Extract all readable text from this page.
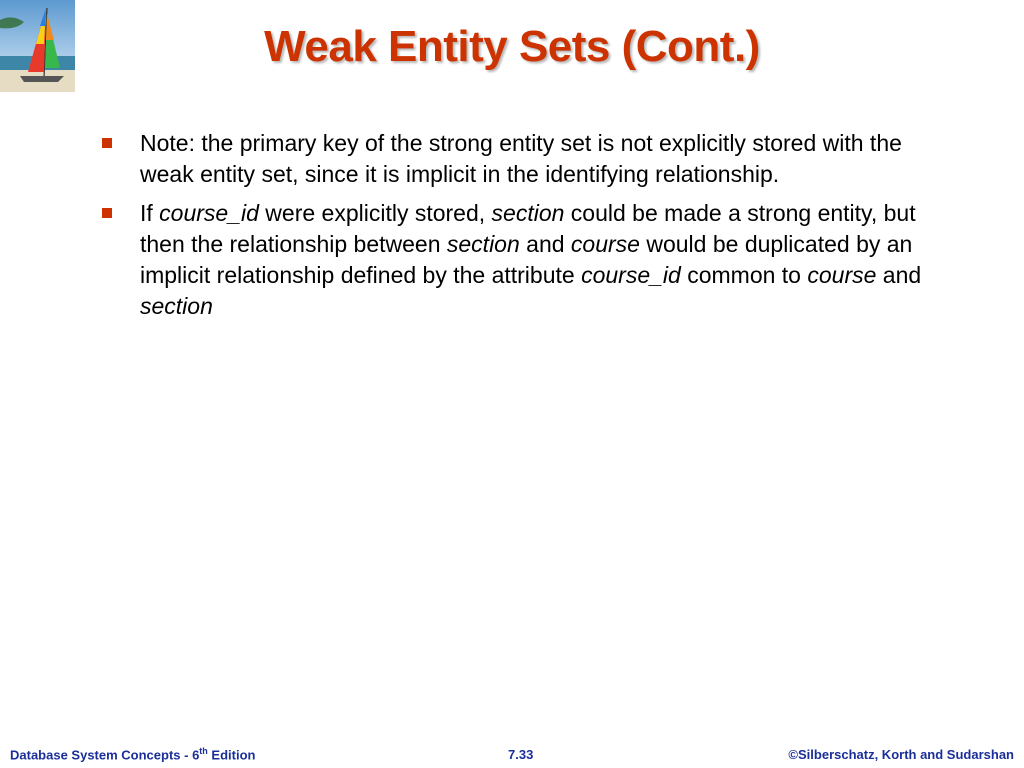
Weak Entity Sets (Cont.)
Note: the primary key of the strong entity set is not explicitly stored with the weak entity set, since it is implicit in the identifying relationship.
If course_id were explicitly stored, section could be made a strong entity, but then the relationship between section and course would be duplicated by an implicit relationship defined by the attribute course_id common to course and section
Database System Concepts - 6th Edition	7.33	©Silberschatz, Korth and Sudarshan
